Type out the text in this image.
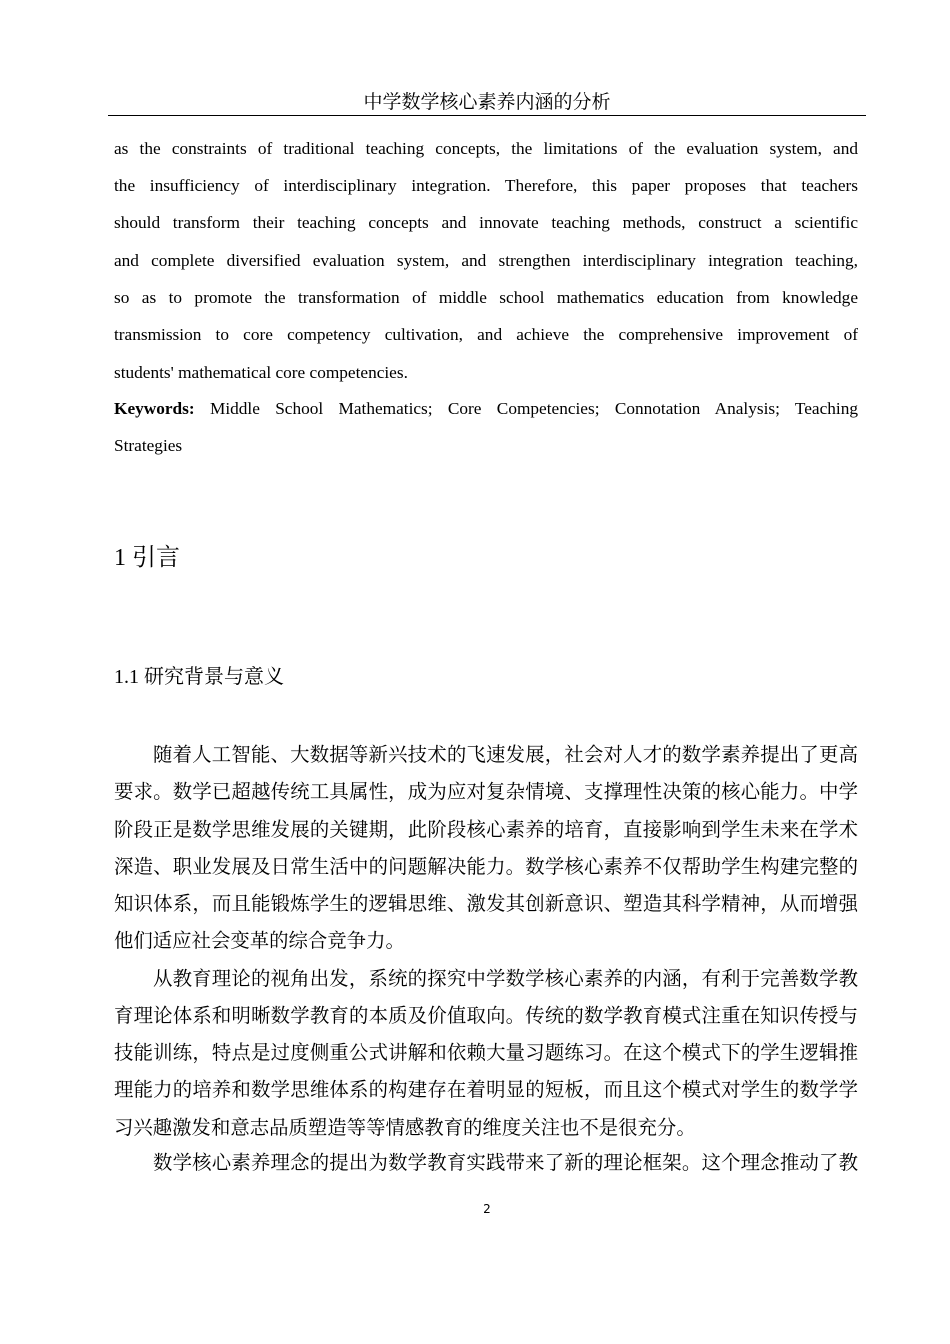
中学数学核心素养内涵的分析
as the constraints of traditional teaching concepts, the limitations of the evaluation system, and
the insufficiency of interdisciplinary integration. Therefore, this paper proposes that teachers
should transform their teaching concepts and innovate teaching methods, construct a scientific
and complete diversified evaluation system, and strengthen interdisciplinary integration teaching,
so as to promote the transformation of middle school mathematics education from knowledge
transmission to core competency cultivation, and achieve the comprehensive improvement of
students' mathematical core competencies.
Keywords: Middle School Mathematics; Core Competencies; Connotation Analysis; Teaching
Strategies
1 引言
1.1 研究背景与意义
随着人工智能、大数据等新兴技术的飞速发展，社会对人才的数学素养提出了更高
要求。数学已超越传统工具属性，成为应对复杂情境、支撑理性决策的核心能力。中学
阶段正是数学思维发展的关键期，此阶段核心素养的培育，直接影响到学生未来在学术
深造、职业发展及日常生活中的问题解决能力。数学核心素养不仅帮助学生构建完整的
知识体系，而且能锻炼学生的逻辑思维、激发其创新意识、塑造其科学精神，从而增强
他们适应社会变革的综合竞争力。
从教育理论的视角出发，系统的探究中学数学核心素养的内涵，有利于完善数学教
育理论体系和明晰数学教育的本质及价值取向。传统的数学教育模式注重在知识传授与
技能训练，特点是过度侧重公式讲解和依赖大量习题练习。在这个模式下的学生逻辑推
理能力的培养和数学思维体系的构建存在着明显的短板，而且这个模式对学生的数学学
习兴趣激发和意志品质塑造等等情感教育的维度关注也不是很充分。
数学核心素养理念的提出为数学教育实践带来了新的理论框架。这个理念推动了教
2
